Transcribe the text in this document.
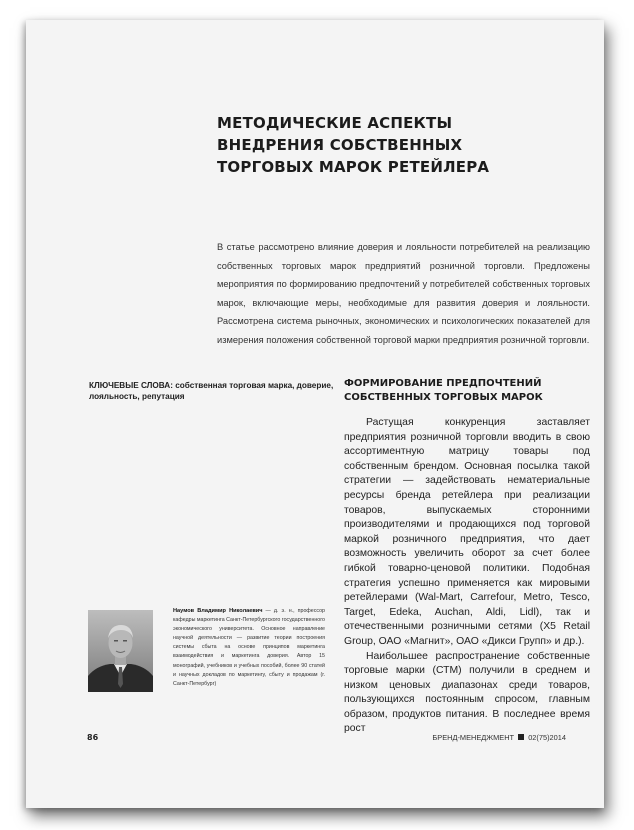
МЕТОДИЧЕСКИЕ АСПЕКТЫ ВНЕДРЕНИЯ СОБСТВЕННЫХ ТОРГОВЫХ МАРОК РЕТЕЙЛЕРА
В статье рассмотрено влияние доверия и лояльности потребителей на реализацию собственных торговых марок предприятий розничной торговли. Предложены мероприятия по формированию предпочтений у потребителей собственных торговых марок, включающие меры, необходимые для развития доверия и лояльности. Рассмотрена система рыночных, экономических и психологических показателей для измерения положения собственной торговой марки предприятия розничной торговли.
КЛЮЧЕВЫЕ СЛОВА: собственная торговая марка, доверие, лояльность, репутация
ФОРМИРОВАНИЕ ПРЕДПОЧТЕНИЙ СОБСТВЕННЫХ ТОРГОВЫХ МАРОК

Растущая конкуренция заставляет предприятия розничной торговли вводить в свою ассортиментную матрицу товары под собственным брендом. Основная посылка такой стратегии — задействовать нематериальные ресурсы бренда ретейлера при реализации товаров, выпускаемых сторонними производителями и продающихся под торговой маркой розничного предприятия, что дает возможность увеличить оборот за счет более гибкой товарно-ценовой политики. Подобная стратегия успешно применяется как мировыми ретейлерами (Wal-Mart, Carrefour, Metro, Tesco, Target, Edeka, Auchan, Aldi, Lidl), так и отечественными розничными сетями (X5 Retail Group, ОАО «Магнит», ОАО «Дикси Групп» и др.).

Наибольшее распространение собственные торговые марки (СТМ) получили в среднем и низком ценовых диапазонах среди товаров, пользующихся постоянным спросом, главным образом, продуктов питания. В последнее время рост

Наумов Владимир Николаевич — д. э. н., профессор кафедры маркетинга Санкт-Петербургского государственного экономического университета. Основное направление научной деятельности — развитие теории построения системы сбыта на основе принципов маркетинга взаимодействия и маркетинга доверия. Автор 15 монографий, учебников и учебных пособий, более 90 статей и научных докладов по маркетингу, сбыту и продажам (г. Санкт-Петербург)
86	БРЕНД-МЕНЕДЖМЕНТ 02(75)2014
